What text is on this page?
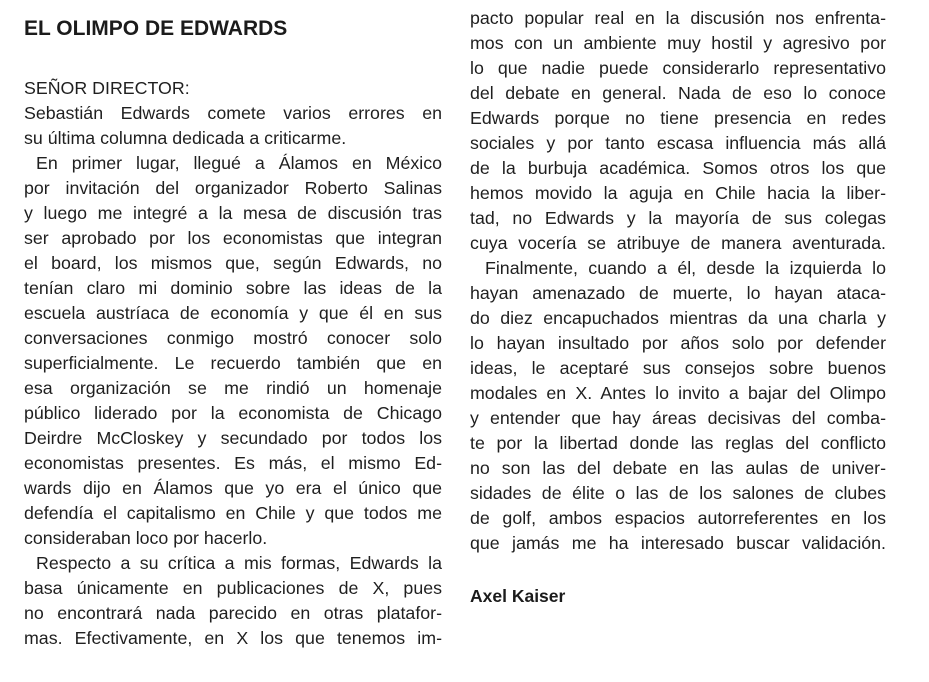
EL OLIMPO DE EDWARDS
SEÑOR DIRECTOR:
Sebastián Edwards comete varios errores en
su última columna dedicada a criticarme.
En primer lugar, llegué a Álamos en México
por invitación del organizador Roberto Salinas
y luego me integré a la mesa de discusión tras
ser aprobado por los economistas que integran
el board, los mismos que, según Edwards, no
tenían claro mi dominio sobre las ideas de la
escuela austríaca de economía y que él en sus
conversaciones conmigo mostró conocer solo
superficialmente. Le recuerdo también que en
esa organización se me rindió un homenaje
público liderado por la economista de Chicago
Deirdre McCloskey y secundado por todos los
economistas presentes. Es más, el mismo Ed-
wards dijo en Álamos que yo era el único que
defendía el capitalismo en Chile y que todos me
consideraban loco por hacerlo.
Respecto a su crítica a mis formas, Edwards la
basa únicamente en publicaciones de X, pues
no encontrará nada parecido en otras platafor-
mas. Efectivamente, en X los que tenemos im-
pacto popular real en la discusión nos enfrenta-
mos con un ambiente muy hostil y agresivo por
lo que nadie puede considerarlo representativo
del debate en general. Nada de eso lo conoce
Edwards porque no tiene presencia en redes
sociales y por tanto escasa influencia más allá
de la burbuja académica. Somos otros los que
hemos movido la aguja en Chile hacia la liber-
tad, no Edwards y la mayoría de sus colegas
cuya vocería se atribuye de manera aventurada.
Finalmente, cuando a él, desde la izquierda lo
hayan amenazado de muerte, lo hayan ataca-
do diez encapuchados mientras da una charla y
lo hayan insultado por años solo por defender
ideas, le aceptaré sus consejos sobre buenos
modales en X. Antes lo invito a bajar del Olimpo
y entender que hay áreas decisivas del comba-
te por la libertad donde las reglas del conflicto
no son las del debate en las aulas de univer-
sidades de élite o las de los salones de clubes
de golf, ambos espacios autorreferentes en los
que jamás me ha interesado buscar validación.
Axel Kaiser
